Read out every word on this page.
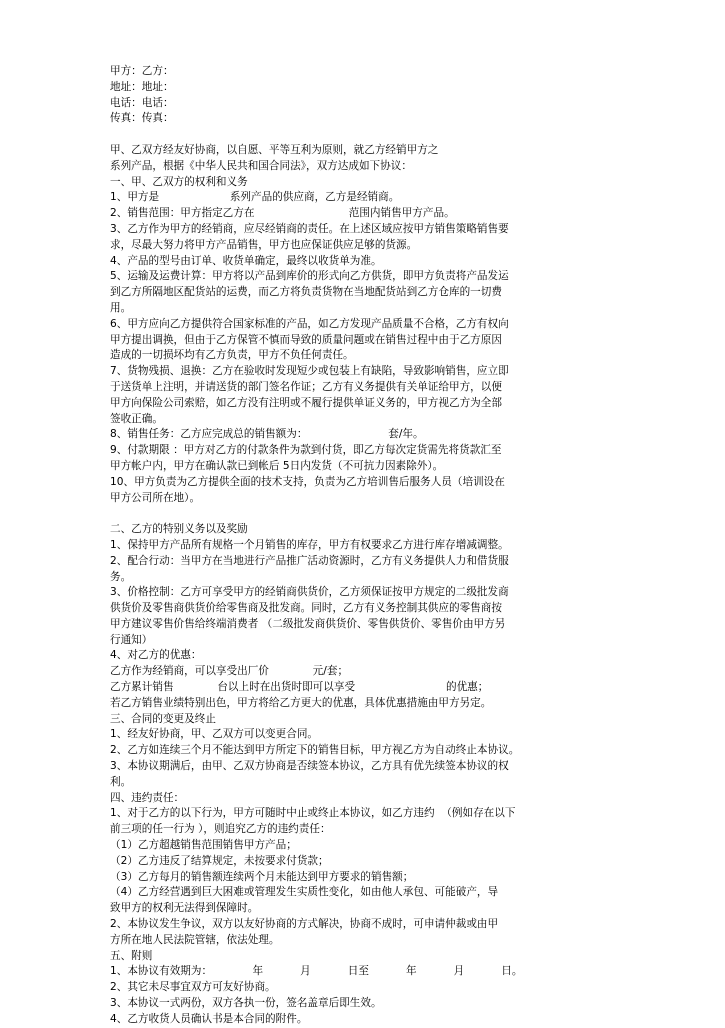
甲方：乙方：

地址：地址：

电话：电话：

传真：传真：

甲、乙双方经友好协商，以自愿、平等互利为原则，就乙方经销甲方之

系列产品，根据《中华人民共和国合同法》，双方达成如下协议：

一、甲、乙双方的权利和义务

1、甲方是                     系列产品的供应商，乙方是经销商。

2、销售范围：甲方指定乙方在                            范围内销售甲方产品。

3、乙方作为甲方的经销商，应尽经销商的责任。在上述区域应按甲方销售策略销售要

求，尽最大努力将甲方产品销售，甲方也应保证供应足够的货源。

4、产品的型号由订单、收货单确定，最终以收货单为准。

5、运输及运费计算：甲方将以产品到库价的形式向乙方供货，即甲方负责将产品发运

到乙方所隔地区配货站的运费，而乙方将负责货物在当地配货站到乙方仓库的一切费

用。

6、甲方应向乙方提供符合国家标准的产品，如乙方发现产品质量不合格，乙方有权向

甲方提出调换，但由于乙方保管不慎而导致的质量问题或在销售过程中由于乙方原因

造成的一切损坏均有乙方负责，甲方不负任何责任。

7、货物残损、退换：乙方在验收时发现短少或包装上有缺陷，导致影响销售，应立即

于送货单上注明，并请送货的部门签名作证；乙方有义务提供有关单证给甲方，以便

甲方向保险公司索赔，如乙方没有注明或不履行提供单证义务的，甲方视乙方为全部

签收正确。

8、销售任务：乙方应完成总的销售额为：                        套/年。

9、付款期限 ：甲方对乙方的付款条件为款到付货，即乙方每次定货需先将货款汇至

甲方帐户内，甲方在确认款已到帐后 5日内发货（不可抗力因素除外）。

10、甲方负责为乙方提供全面的技术支持，负责为乙方培训售后服务人员（培训设在

甲方公司所在地）。

二、乙方的特别义务以及奖励

1、保持甲方产品所有规格一个月销售的库存，甲方有权要求乙方进行库存增减调整。

2、配合行动：当甲方在当地进行产品推广活动资源时，乙方有义务提供人力和借货服

务。

3、价格控制：乙方可享受甲方的经销商供货价，乙方须保证按甲方规定的二级批发商

供货价及零售商供货价给零售商及批发商。同时，乙方有义务控制其供应的零售商按

甲方建议零售价售给终端消费者 （二级批发商供货价、零售供货价、零售价由甲方另

行通知）

4、对乙方的优惠：

乙方作为经销商，可以享受出厂价             元/套；

乙方累计销售             台以上时在出货时即可以享受                           的优惠；

若乙方销售业绩特别出色，甲方将给乙方更大的优惠，具体优惠措施由甲方另定。

三、合同的变更及终止

1、经友好协商，甲、乙双方可以变更合同。

2、乙方如连续三个月不能达到甲方所定下的销售目标，甲方视乙方为自动终止本协议。

3、本协议期满后，由甲、乙双方协商是否续签本协议，乙方具有优先续签本协议的权

利。

四、违约责任：

1、对于乙方的以下行为，甲方可随时中止或终止本协议，如乙方违约  （例如存在以下

前三项的任一行为 ），则追究乙方的违约责任：

（1）乙方超越销售范围销售甲方产品；

（2）乙方违反了结算规定，未按要求付货款；

（3）乙方每月的销售额连续两个月未能达到甲方要求的销售额；

（4）乙方经营遇到巨大困难或管理发生实质性变化，如由他人承包、可能破产，导

致甲方的权利无法得到保障时。

2、本协议发生争议，双方以友好协商的方式解决，协商不成时，可申请仲裁或由甲

方所在地人民法院管辖，依法处理。

五、附则

1、本协议有效期为：            年           月           日至           年           月           日。

2、其它未尽事宜双方可友好协商。

3、本协议一式两份，双方各执一份，签名盖章后即生效。

4、乙方收货人员确认书是本合同的附件。
